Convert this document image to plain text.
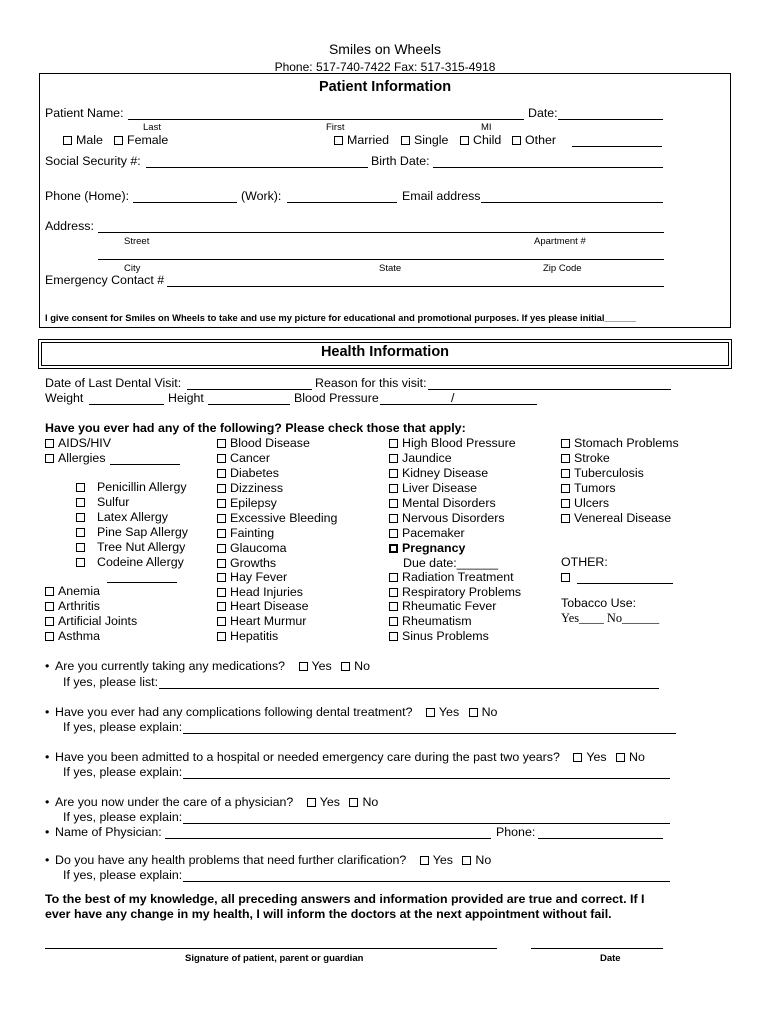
Smiles on Wheels
Phone: 517-740-7422 Fax: 517-315-4918
Patient Information
Patient Name:	Date:
Last	First	MI
Male	Female	Married	Single	Child	Other
Social Security #:	Birth Date:
Phone (Home):	(Work):	Email address
Address:
Street	Apartment #
City	State	Zip Code
Emergency Contact #
I give consent for Smiles on Wheels to take and use my picture for educational and promotional purposes. If yes please initial______
Health Information
Date of Last Dental Visit:	Reason for this visit:
Weight	Height	Blood Pressure	/
Have you ever had any of the following? Please check those that apply:
AIDS/HIV
Allergies
Penicillin Allergy
Sulfur
Latex Allergy
Pine Sap Allergy
Tree Nut Allergy
Codeine Allergy
Anemia
Arthritis
Artificial Joints
Asthma
Blood Disease
Cancer
Diabetes
Dizziness
Epilepsy
Excessive Bleeding
Fainting
Glaucoma
Growths
Hay Fever
Head Injuries
Heart Disease
Heart Murmur
Hepatitis
High Blood Pressure
Jaundice
Kidney Disease
Liver Disease
Mental Disorders
Nervous Disorders
Pacemaker
Pregnancy
Due date:______
Radiation Treatment
Respiratory Problems
Rheumatic Fever
Rheumatism
Sinus Problems
Stomach Problems
Stroke
Tuberculosis
Tumors
Ulcers
Venereal Disease
OTHER:
Tobacco Use:
Yes____ No______
• Are you currently taking any medications? Yes No
If yes, please list:
• Have you ever had any complications following dental treatment? Yes No
If yes, please explain:
• Have you been admitted to a hospital or needed emergency care during the past two years? Yes No
If yes, please explain:
• Are you now under the care of a physician? Yes No
If yes, please explain:
• Name of Physician:	Phone:
• Do you have any health problems that need further clarification? Yes No
If yes, please explain:
To the best of my knowledge, all preceding answers and information provided are true and correct. If I
ever have any change in my health, I will inform the doctors at the next appointment without fail.
Signature of patient, parent or guardian	Date
